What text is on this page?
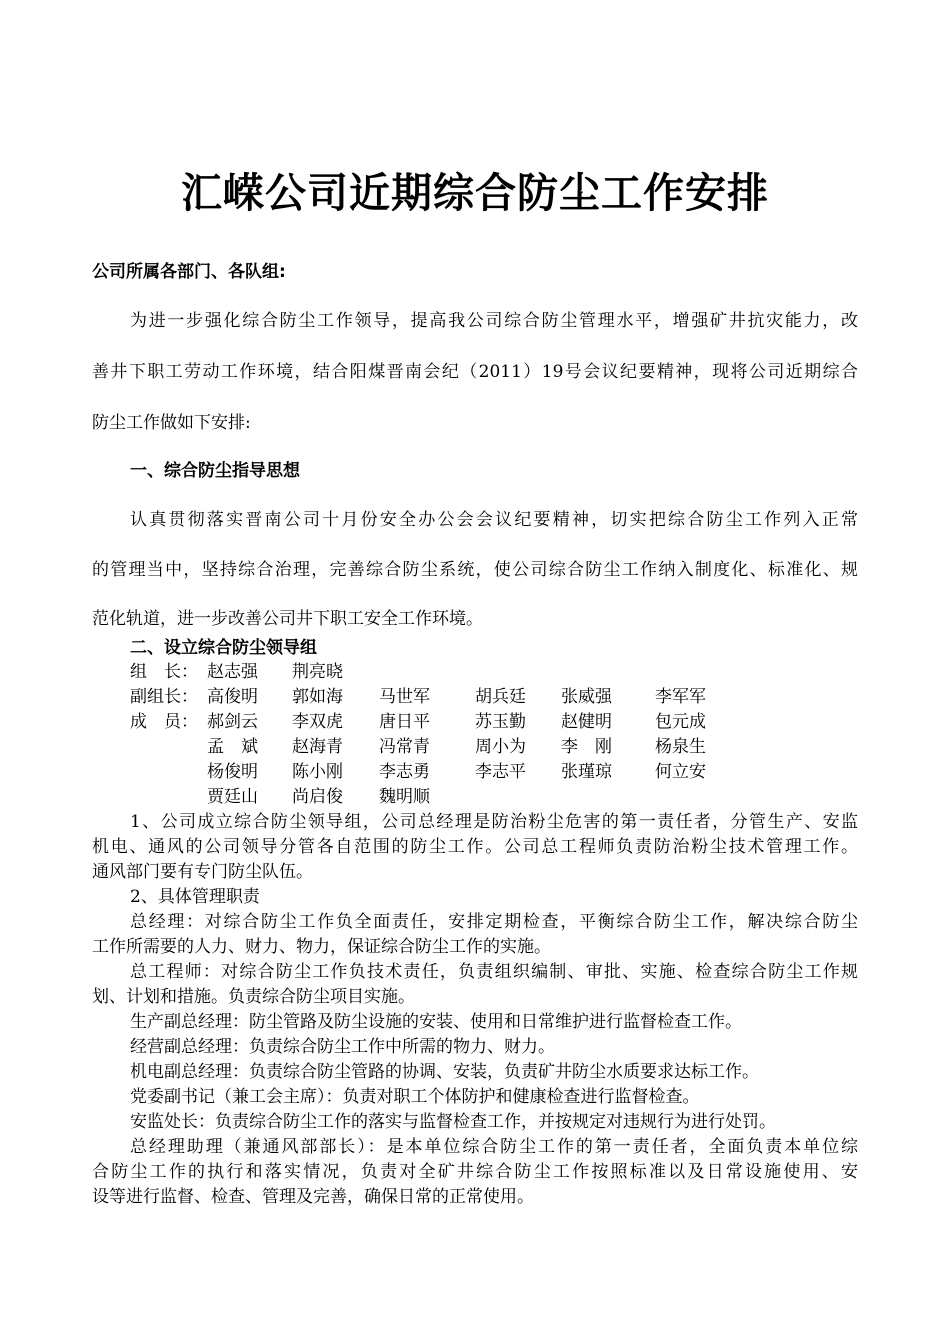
汇嵘公司近期综合防尘工作安排
公司所属各部门、各队组:
为进一步强化综合防尘工作领导，提高我公司综合防尘管理水平，增强矿井抗灾能力，改
善井下职工劳动工作环境，结合阳煤晋南会纪（2011）19号会议纪要精神，现将公司近期综合
防尘工作做如下安排:
一、综合防尘指导思想
认真贯彻落实晋南公司十月份安全办公会会议纪要精神，切实把综合防尘工作列入正常
的管理当中，坚持综合治理，完善综合防尘系统，使公司综合防尘工作纳入制度化、标准化、规
范化轨道，进一步改善公司井下职工安全工作环境。
二、设立综合防尘领导组
组　长： 赵志强 荆亮晓
副组长： 高俊明 郭如海 马世军	胡兵廷 张威强	李军军
成　员： 郝剑云 李双虎 唐日平	苏玉勤 赵健明	包元成
孟　斌 赵海青 冯常青	周小为 李　刚	杨泉生
杨俊明 陈小刚 李志勇	李志平 张瑾琼	何立安
贾廷山 尚启俊 魏明顺
1、公司成立综合防尘领导组，公司总经理是防治粉尘危害的第一责任者，分管生产、安监
机电、通风的公司领导分管各自范围的防尘工作。公司总工程师负责防治粉尘技术管理工作。
通风部门要有专门防尘队伍。
2、具体管理职责
总经理：对综合防尘工作负全面责任，安排定期检查，平衡综合防尘工作，解决综合防尘
工作所需要的人力、财力、物力，保证综合防尘工作的实施。
总工程师：对综合防尘工作负技术责任，负责组织编制、审批、实施、检查综合防尘工作规
划、计划和措施。负责综合防尘项目实施。
生产副总经理：防尘管路及防尘设施的安装、使用和日常维护进行监督检查工作。
经营副总经理：负责综合防尘工作中所需的物力、财力。
机电副总经理：负责综合防尘管路的协调、安装，负责矿井防尘水质要求达标工作。
党委副书记（兼工会主席）：负责对职工个体防护和健康检查进行监督检查。
安监处长：负责综合防尘工作的落实与监督检查工作，并按规定对违规行为进行处罚。
总经理助理（兼通风部部长）：是本单位综合防尘工作的第一责任者，全面负责本单位综
合防尘工作的执行和落实情况，负责对全矿井综合防尘工作按照标准以及日常设施使用、安
设等进行监督、检查、管理及完善，确保日常的正常使用。
